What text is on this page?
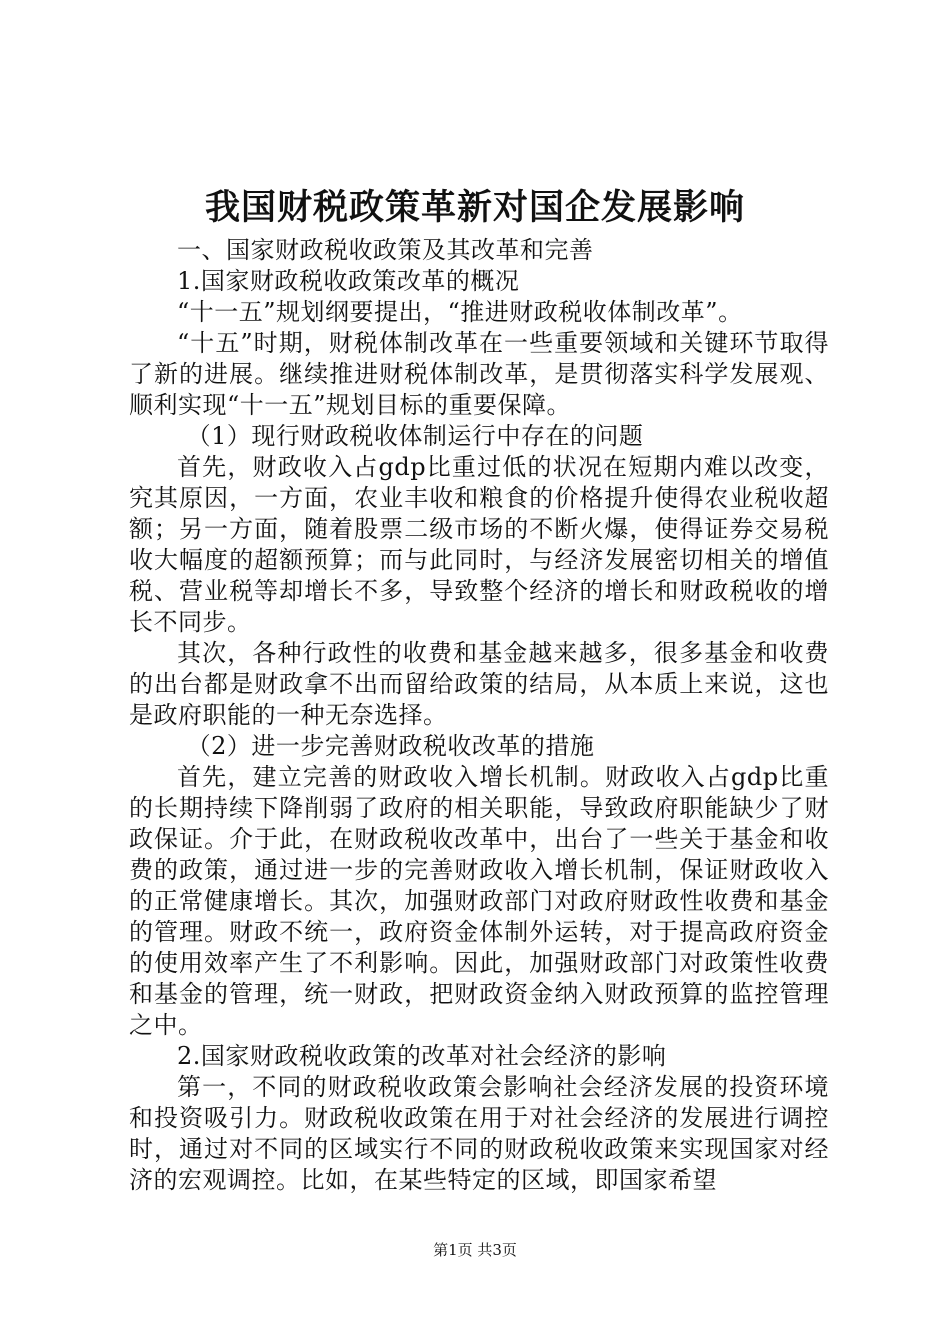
我国财税政策革新对国企发展影响

一、国家财政税收政策及其改革和完善

1.国家财政税收政策改革的概况

“十一五”规划纲要提出，“推进财政税收体制改革”。

“十五”时期，财税体制改革在一些重要领域和关键环节取得了新的进展。继续推进财税体制改革，是贯彻落实科学发展观、顺利实现“十一五”规划目标的重要保障。

（1）现行财政税收体制运行中存在的问题

首先，财政收入占gdp比重过低的状况在短期内难以改变，究其原因，一方面，农业丰收和粮食的价格提升使得农业税收超额；另一方面，随着股票二级市场的不断火爆，使得证券交易税收大幅度的超额预算；而与此同时，与经济发展密切相关的增值税、营业税等却增长不多，导致整个经济的增长和财政税收的增长不同步。

其次，各种行政性的收费和基金越来越多，很多基金和收费的出台都是财政拿不出而留给政策的结局，从本质上来说，这也是政府职能的一种无奈选择。

（2）进一步完善财政税收改革的措施

首先，建立完善的财政收入增长机制。财政收入占gdp比重的长期持续下降削弱了政府的相关职能，导致政府职能缺少了财政保证。介于此，在财政税收改革中，出台了一些关于基金和收费的政策，通过进一步的完善财政收入增长机制，保证财政收入的正常健康增长。其次，加强财政部门对政府财政性收费和基金的管理。财政不统一，政府资金体制外运转，对于提高政府资金的使用效率产生了不利影响。因此，加强财政部门对政策性收费和基金的管理，统一财政，把财政资金纳入财政预算的监控管理之中。

2.国家财政税收政策的改革对社会经济的影响

第一，不同的财政税收政策会影响社会经济发展的投资环境和投资吸引力。财政税收政策在用于对社会经济的发展进行调控时，通过对不同的区域实行不同的财政税收政策来实现国家对经济的宏观调控。比如，在某些特定的区域，即国家希望

第1页 共3页
